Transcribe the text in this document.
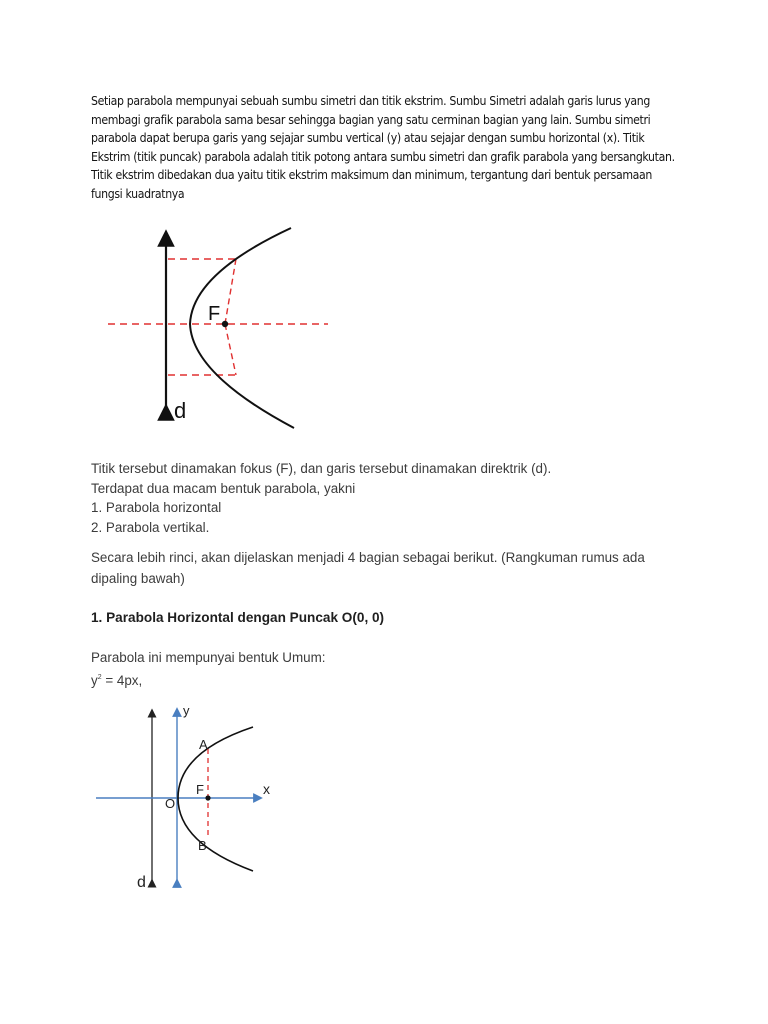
Setiap parabola mempunyai sebuah sumbu simetri dan titik ekstrim. Sumbu Simetri adalah garis lurus yang membagi grafik parabola sama besar sehingga bagian yang satu cerminan bagian yang lain. Sumbu simetri parabola dapat berupa garis yang sejajar sumbu vertical (y) atau sejajar dengan sumbu horizontal (x). Titik Ekstrim (titik puncak) parabola adalah titik potong antara sumbu simetri dan grafik parabola yang bersangkutan. Titik ekstrim dibedakan dua yaitu titik ekstrim maksimum dan minimum, tergantung dari bentuk persamaan fungsi kuadratnya

F
d
Titik tersebut dinamakan fokus (F), dan garis tersebut dinamakan direktrik (d).
Terdapat dua macam bentuk parabola, yakni
1. Parabola horizontal
2. Parabola vertikal.

Secara lebih rinci, akan dijelaskan menjadi 4 bagian sebagai berikut. (Rangkuman rumus ada dipaling bawah)

1. Parabola Horizontal dengan Puncak O(0, 0)

Parabola ini mempunyai bentuk Umum:

$y^2 = 4px$,

y
x
O
F
A
B
d
